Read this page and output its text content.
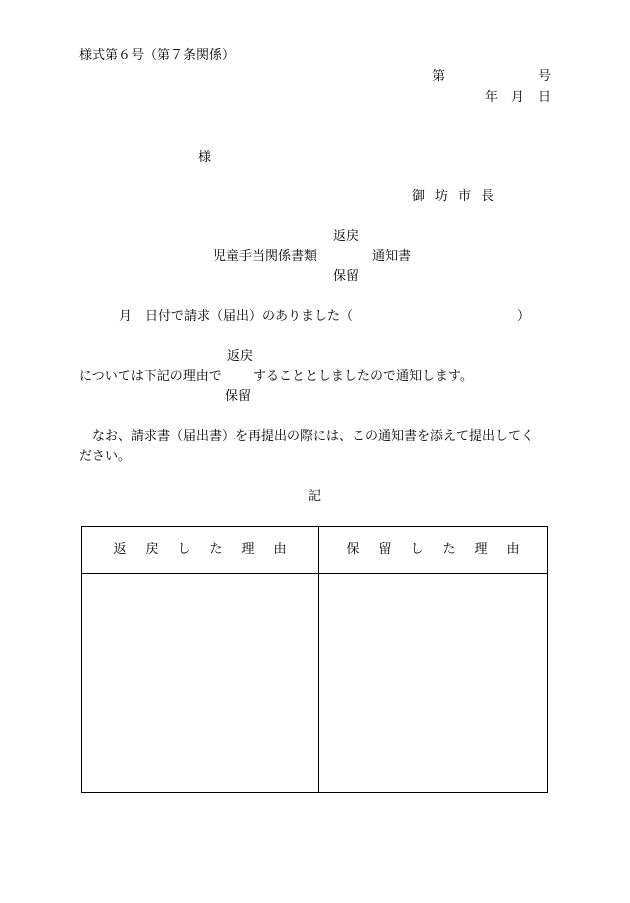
様式第６号（第７条関係）
第	号
年 月 日
様
御坊市長
返戻
児童手当関係書類	通知書
保留
月 日付で請求（届出）のありました（	）
返戻
については下記の理由で することとしましたので通知します。
保留
なお、請求書（届出書）を再提出の際には、この通知書を添えて提出してく
ださい。
記
返戻した理由	保留した理由
